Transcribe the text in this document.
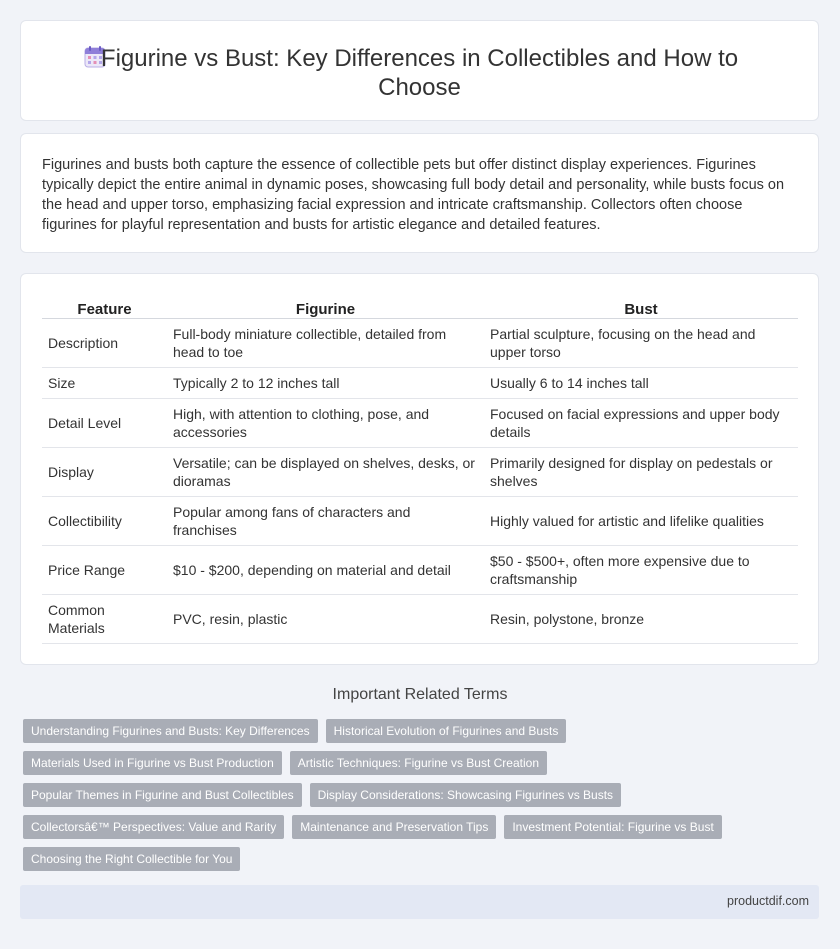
Figurine vs Bust: Key Differences in Collectibles and How to Choose

Figurines and busts both capture the essence of collectible pets but offer distinct display experiences. Figurines typically depict the entire animal in dynamic poses, showcasing full body detail and personality, while busts focus on the head and upper torso, emphasizing facial expression and intricate craftsmanship. Collectors often choose figurines for playful representation and busts for artistic elegance and detailed features.

Feature	Figurine	Bust
Description	Full-body miniature collectible, detailed from head to toe	Partial sculpture, focusing on the head and upper torso
Size	Typically 2 to 12 inches tall	Usually 6 to 14 inches tall
Detail Level	High, with attention to clothing, pose, and accessories	Focused on facial expressions and upper body details
Display	Versatile; can be displayed on shelves, desks, or dioramas	Primarily designed for display on pedestals or shelves
Collectibility	Popular among fans of characters and franchises	Highly valued for artistic and lifelike qualities
Price Range	$10 - $200, depending on material and detail	$50 - $500+, often more expensive due to craftsmanship
Common Materials	PVC, resin, plastic	Resin, polystone, bronze
Important Related Terms
Understanding Figurines and Busts: Key Differences	Historical Evolution of Figurines and Busts
Materials Used in Figurine vs Bust Production	Artistic Techniques: Figurine vs Bust Creation
Popular Themes in Figurine and Bust Collectibles	Display Considerations: Showcasing Figurines vs Busts
Collectorsâ€™ Perspectives: Value and Rarity	Maintenance and Preservation Tips	Investment Potential: Figurine vs Bust
Choosing the Right Collectible for You
productdif.com
